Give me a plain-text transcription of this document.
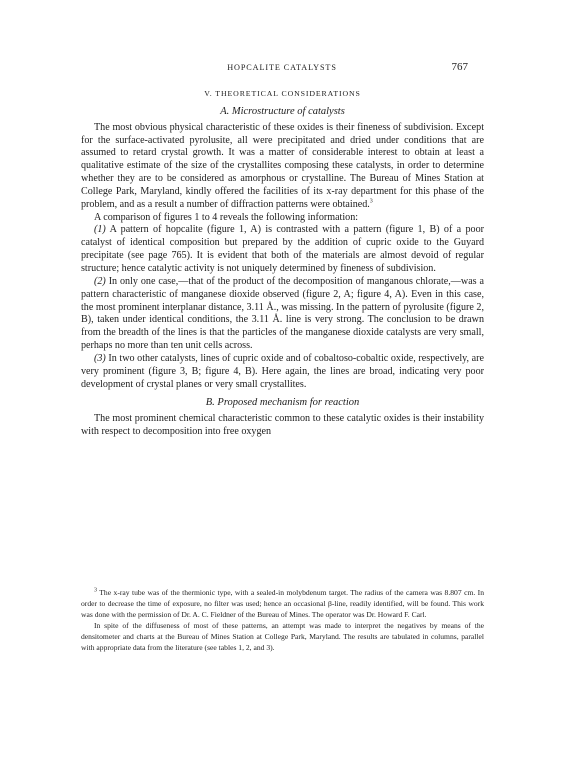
HOPCALITE CATALYSTS	767
V. THEORETICAL CONSIDERATIONS
A. Microstructure of catalysts

The most obvious physical characteristic of these oxides is their fineness of subdivision. Except for the surface-activated pyrolusite, all were precipitated and dried under conditions that are assumed to retard crystal growth. It was a matter of considerable interest to obtain at least a qualitative estimate of the size of the crystallites composing these catalysts, in order to determine whether they are to be considered as amorphous or crystalline. The Bureau of Mines Station at College Park, Maryland, kindly offered the facilities of its x-ray department for this phase of the problem, and as a result a number of diffraction patterns were obtained.$^3$

A comparison of figures 1 to 4 reveals the following information:

(1) A pattern of hopcalite (figure 1, A) is contrasted with a pattern (figure 1, B) of a poor catalyst of identical composition but prepared by the addition of cupric oxide to the Guyard precipitate (see page 765). It is evident that both of the materials are almost devoid of regular structure; hence catalytic activity is not uniquely determined by fineness of subdivision.

(2) In only one case,—that of the product of the decomposition of manganous chlorate,—was a pattern characteristic of manganese dioxide observed (figure 2, A; figure 4, A). Even in this case, the most prominent interplanar distance, 3.11 Å., was missing. In the pattern of pyrolusite (figure 2, B), taken under identical conditions, the 3.11 Å. line is very strong. The conclusion to be drawn from the breadth of the lines is that the particles of the manganese dioxide catalysts are very small, perhaps no more than ten unit cells across.

(3) In two other catalysts, lines of cupric oxide and of cobaltoso-cobaltic oxide, respectively, are very prominent (figure 3, B; figure 4, B). Here again, the lines are broad, indicating very poor development of crystal planes or very small crystallites.

B. Proposed mechanism for reaction

The most prominent chemical characteristic common to these catalytic oxides is their instability with respect to decomposition into free oxygen

$^3$ The x-ray tube was of the thermionic type, with a sealed-in molybdenum target. The radius of the camera was 8.807 cm. In order to decrease the time of exposure, no filter was used; hence an occasional β-line, readily identified, will be found. This work was done with the permission of Dr. A. C. Fieldner of the Bureau of Mines. The operator was Dr. Howard F. Carl.

In spite of the diffuseness of most of these patterns, an attempt was made to interpret the negatives by means of the densitometer and charts at the Bureau of Mines Station at College Park, Maryland. The results are tabulated in columns, parallel with appropriate data from the literature (see tables 1, 2, and 3).
